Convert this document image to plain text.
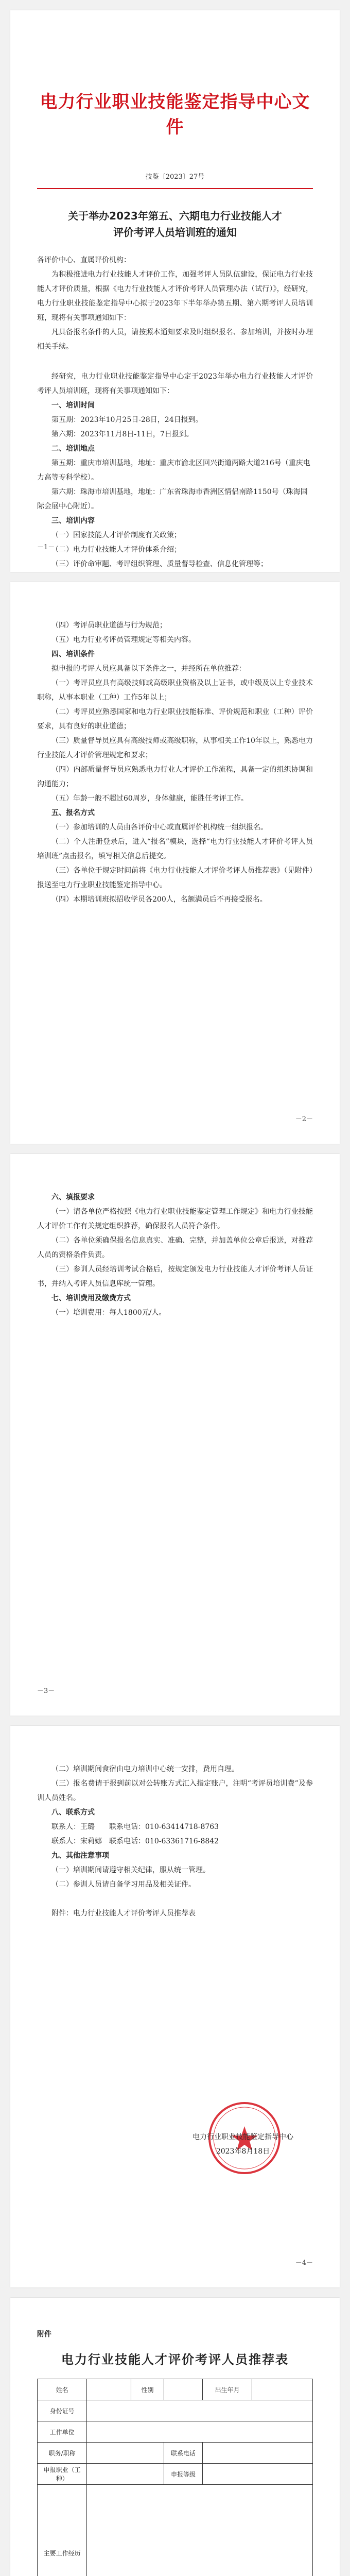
电力行业职业技能鉴定指导中心文件
技鉴〔2023〕27号
关于举办2023年第五、六期电力行业技能人才
评价考评人员培训班的通知
各评价中心、直属评价机构：

为积极推进电力行业技能人才评价工作，加强考评人员队伍建设，保证电力行业技能人才评价质量，根据《电力行业技能人才评价考评人员管理办法（试行）》，经研究，电力行业职业技能鉴定指导中心拟于2023年下半年举办第五期、第六期考评人员培训班，现将有关事项通知如下：

凡具备报名条件的人员，请按照本通知要求及时组织报名、参加培训，并按时办理相关手续。

经研究，电力行业职业技能鉴定指导中心定于2023年举办电力行业技能人才评价考评人员培训班，现将有关事项通知如下：

一、培训时间
第五期：2023年10月25日-28日，24日报到。
第六期：2023年11月8日-11日，7日报到。
二、培训地点
第五期：重庆市培训基地，地址：重庆市渝北区回兴街道两路大道216号（重庆电力高等专科学校）。
第六期：珠海市培训基地，地址：广东省珠海市香洲区情侣南路1150号（珠海国际会展中心附近）。
三、培训内容
（一）国家技能人才评价制度有关政策；
（二）电力行业技能人才评价体系介绍；
（三）评价命审题、考评组织管理、质量督导检查、信息化管理等；
－1－
（四）考评员职业道德与行为规范；
（五）电力行业考评员管理规定等相关内容。
四、培训条件

拟申报的考评人员应具备以下条件之一，并经所在单位推荐：

（一）考评员应具有高级技师或高级职业资格及以上证书，或中级及以上专业技术职称，从事本职业（工种）工作5年以上；

（二）考评员应熟悉国家和电力行业职业技能标准、评价规范和职业（工种）评价要求，具有良好的职业道德；

（三）质量督导员应具有高级技师或高级职称，从事相关工作10年以上，熟悉电力行业技能人才评价管理规定和要求；

（四）内部质量督导员应熟悉电力行业人才评价工作流程，具备一定的组织协调和沟通能力；

（五）年龄一般不超过60周岁，身体健康，能胜任考评工作。

五、报名方式

（一）参加培训的人员由各评价中心或直属评价机构统一组织报名。

（二）个人注册登录后，进入“报名”模块，选择“电力行业技能人才评价考评人员培训班”点击报名，填写相关信息后提交。

（三）各单位于规定时间前将《电力行业技能人才评价考评人员推荐表》（见附件）报送至电力行业职业技能鉴定指导中心。

（四）本期培训班拟招收学员各200人，名额满员后不再接受报名。

－2－
六、填报要求

（一）请各单位严格按照《电力行业职业技能鉴定管理工作规定》和电力行业技能人才评价工作有关规定组织推荐，确保报名人员符合条件。

（二）各单位须确保报名信息真实、准确、完整，并加盖单位公章后报送，对推荐人员的资格条件负责。

（三）参训人员经培训考试合格后，按规定颁发电力行业技能人才评价考评人员证书，并纳入考评人员信息库统一管理。

七、培训费用及缴费方式

（一）培训费用：每人1800元/人。

－3－

（二）培训期间食宿由电力培训中心统一安排，费用自理。

（三）报名费请于报到前以对公转账方式汇入指定账户，注明“考评员培训费”及参训人员姓名。

八、联系方式
联系人：王璐　　联系电话：010-63414718-8763
联系人：宋莉娜　联系电话：010-63361716-8842
九、其他注意事项

（一）培训期间请遵守相关纪律，服从统一管理。

（二）参训人员请自备学习用品及相关证件。

附件：电力行业技能人才评价考评人员推荐表

电力行业职业技能鉴定指导中心
2023年8月18日
－4－
附件
电力行业技能人才评价考评人员推荐表
姓名		性别		出生年月	
身份证号					
工作单位					
职务/职称			联系电话		
申报职业（工种）			申报等级		
主要工作经历	
